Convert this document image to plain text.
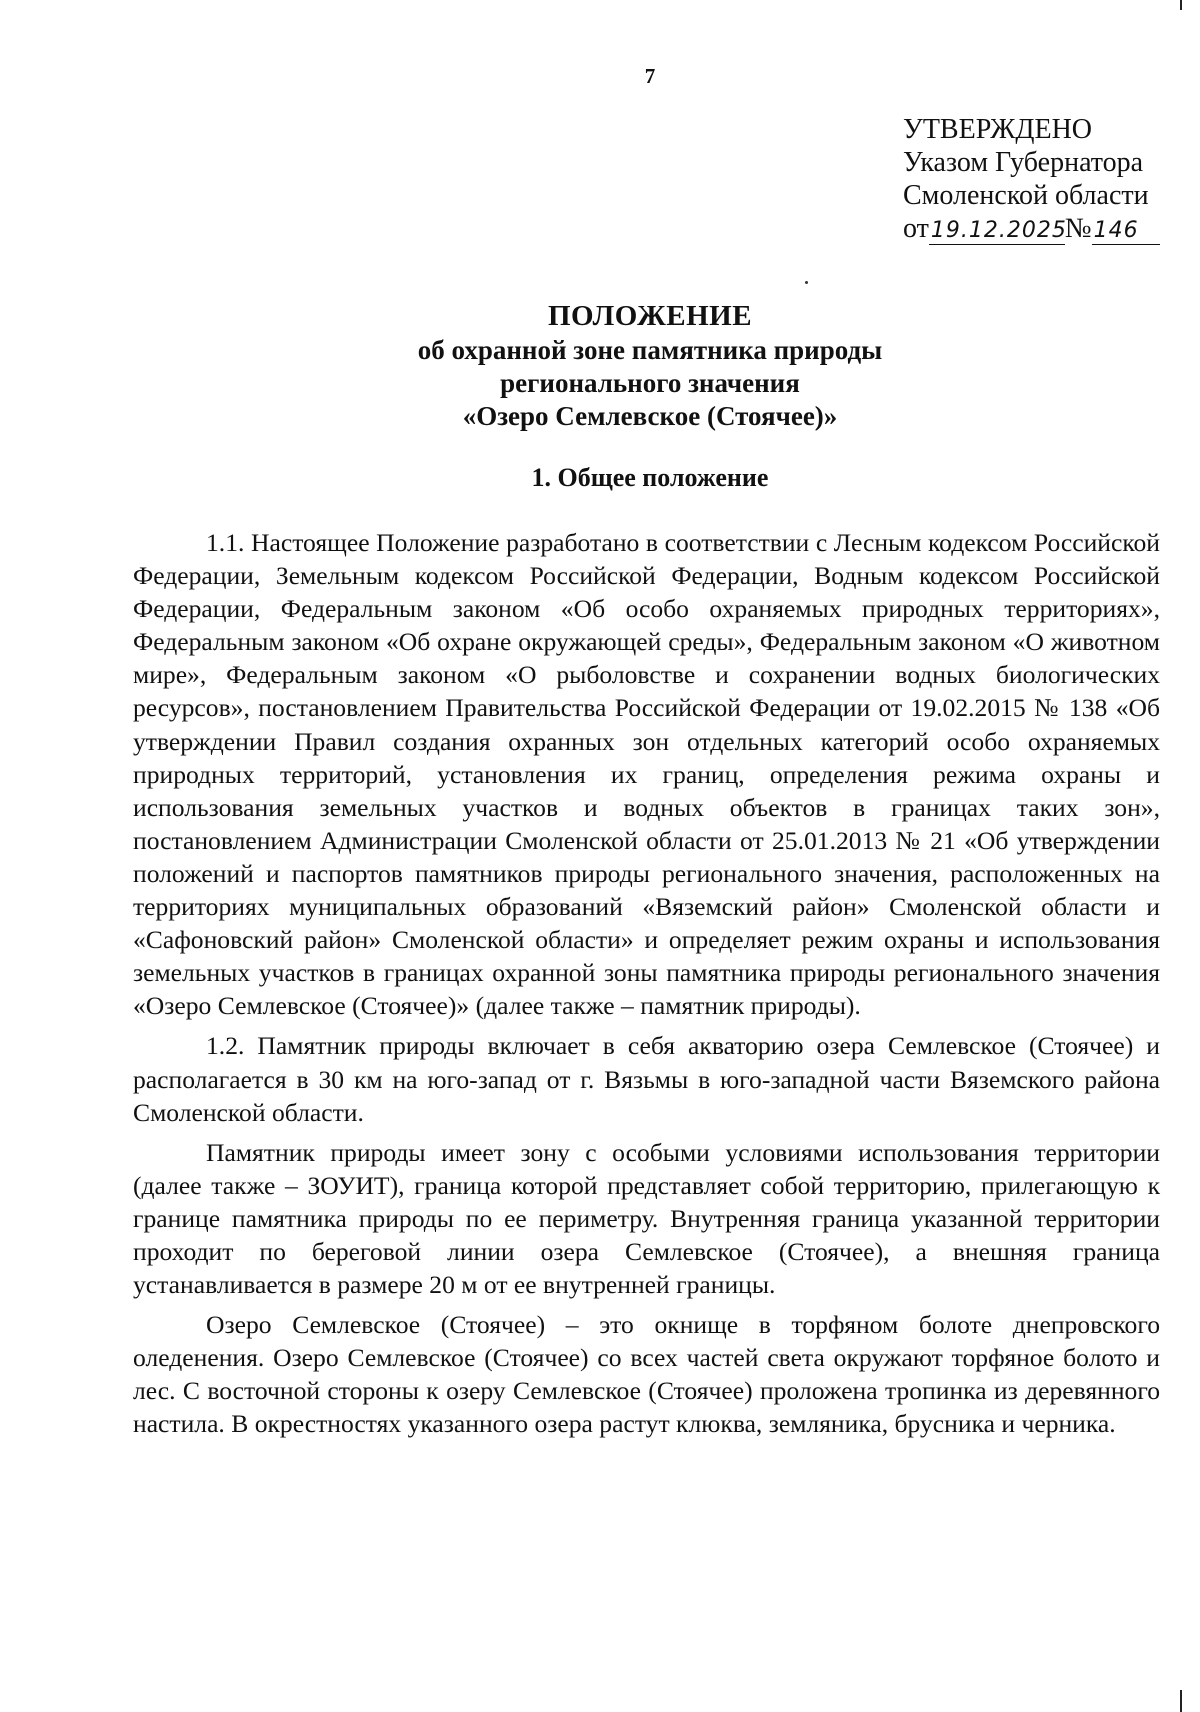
7
УТВЕРЖДЕНО
Указом Губернатора
Смоленской области
от19.12.2025№146
ПОЛОЖЕНИЕ
об охранной зоне памятника природы
регионального значения
«Озеро Семлевское (Стоячее)»
1. Общее положение

1.1. Настоящее Положение разработано в соответствии с Лесным кодексом Российской Федерации, Земельным кодексом Российской Федерации, Водным кодексом Российской Федерации, Федеральным законом «Об особо охраняемых природных территориях», Федеральным законом «Об охране окружающей среды», Федеральным законом «О животном мире», Федеральным законом «О рыболовстве и сохранении водных биологических ресурсов», постановлением Правительства Российской Федерации от 19.02.2015 № 138 «Об утверждении Правил создания охранных зон отдельных категорий особо охраняемых природных территорий, установления их границ, определения режима охраны и использования земельных участков и водных объектов в границах таких зон», постановлением Администрации Смоленской области от 25.01.2013 № 21 «Об утверждении положений и паспортов памятников природы регионального значения, расположенных на территориях муниципальных образований «Вяземский район» Смоленской области и «Сафоновский район» Смоленской области» и определяет режим охраны и использования земельных участков в границах охранной зоны памятника природы регионального значения «Озеро Семлевское (Стоячее)» (далее также – памятник природы).

1.2. Памятник природы включает в себя акваторию озера Семлевское (Стоячее) и располагается в 30 км на юго-запад от г. Вязьмы в юго-западной части Вяземского района Смоленской области.

Памятник природы имеет зону с особыми условиями использования территории (далее также – ЗОУИТ), граница которой представляет собой территорию, прилегающую к границе памятника природы по ее периметру. Внутренняя граница указанной территории проходит по береговой линии озера Семлевское (Стоячее), а внешняя граница устанавливается в размере 20 м от ее внутренней границы.

Озеро Семлевское (Стоячее) – это окнище в торфяном болоте днепровского оледенения. Озеро Семлевское (Стоячее) со всех частей света окружают торфяное болото и лес. С восточной стороны к озеру Семлевское (Стоячее) проложена тропинка из деревянного настила. В окрестностях указанного озера растут клюква, земляника, брусника и черника.
